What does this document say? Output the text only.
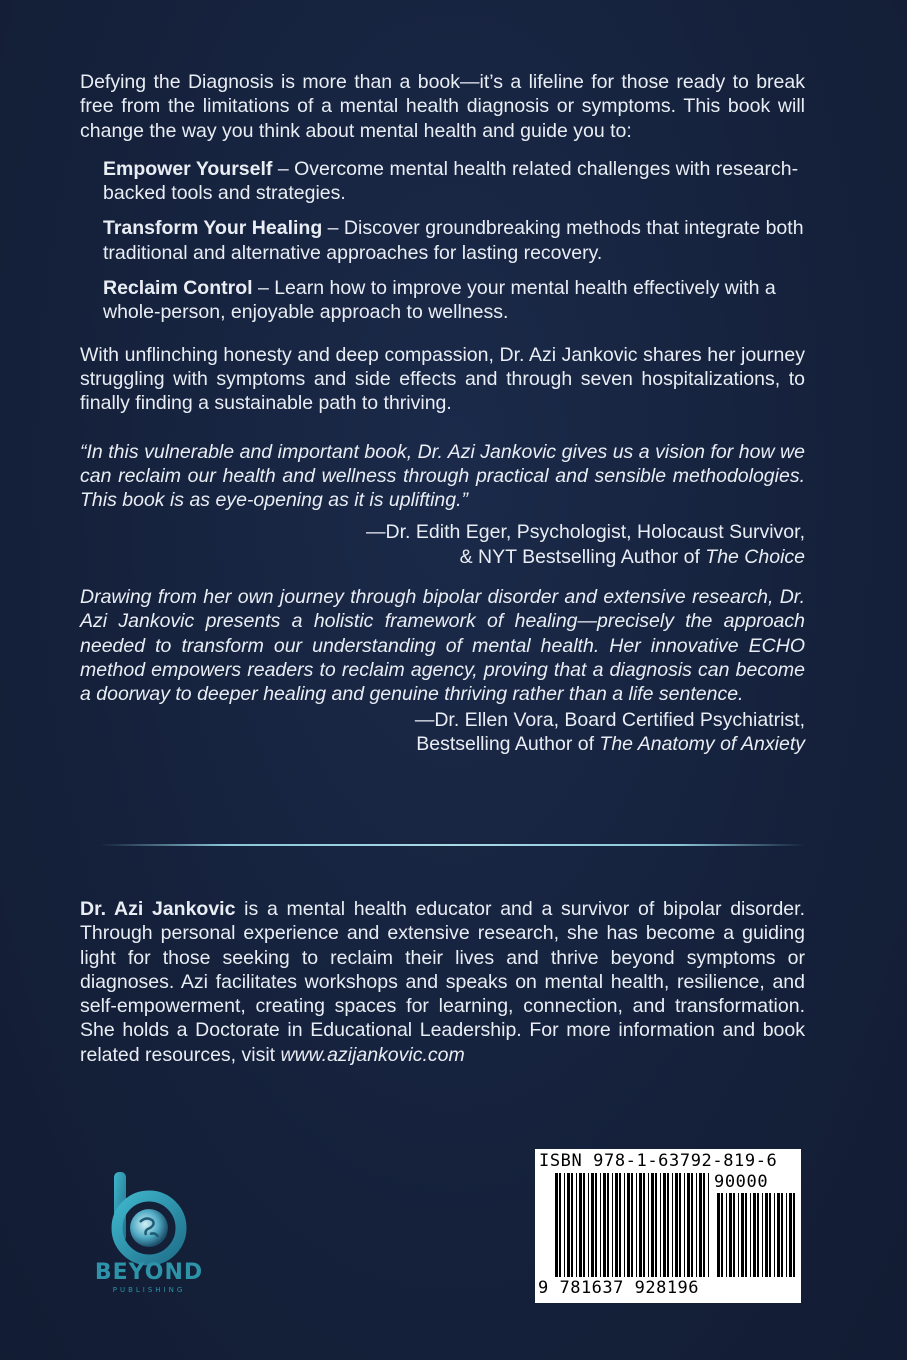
Defying the Diagnosis is more than a book—it’s a lifeline for those ready to break free from the limitations of a mental health diagnosis or symptoms. This book will change the way you think about mental health and guide you to:

Empower Yourself – Overcome mental health related challenges with research-backed tools and strategies.

Transform Your Healing – Discover groundbreaking methods that integrate both traditional and alternative approaches for lasting recovery.

Reclaim Control – Learn how to improve your mental health effectively with a whole-person, enjoyable approach to wellness.

With unflinching honesty and deep compassion, Dr. Azi Jankovic shares her journey struggling with symptoms and side effects and through seven hospitalizations, to finally finding a sustainable path to thriving.

“In this vulnerable and important book, Dr. Azi Jankovic gives us a vision for how we can reclaim our health and wellness through practical and sensible methodologies. This book is as eye-opening as it is uplifting.”

—Dr. Edith Eger, Psychologist, Holocaust Survivor,
& NYT Bestselling Author of The Choice

Drawing from her own journey through bipolar disorder and extensive research, Dr. Azi Jankovic presents a holistic framework of healing—precisely the approach needed to transform our understanding of mental health. Her innovative ECHO method empowers readers to reclaim agency, proving that a diagnosis can become a doorway to deeper healing and genuine thriving rather than a life sentence.

—Dr. Ellen Vora, Board Certified Psychiatrist,
Bestselling Author of The Anatomy of Anxiety

Dr. Azi Jankovic is a mental health educator and a survivor of bipolar disorder. Through personal experience and extensive research, she has become a guiding light for those seeking to reclaim their lives and thrive beyond symptoms or diagnoses. Azi facilitates workshops and speaks on mental health, resilience, and self-empowerment, creating spaces for learning, connection, and transformation. She holds a Doctorate in Educational Leadership. For more information and book related resources, visit www.azijankovic.com

BEYOND
PUBLISHING
ISBN 978-1-63792-819-6
90000
9 781637 928196
